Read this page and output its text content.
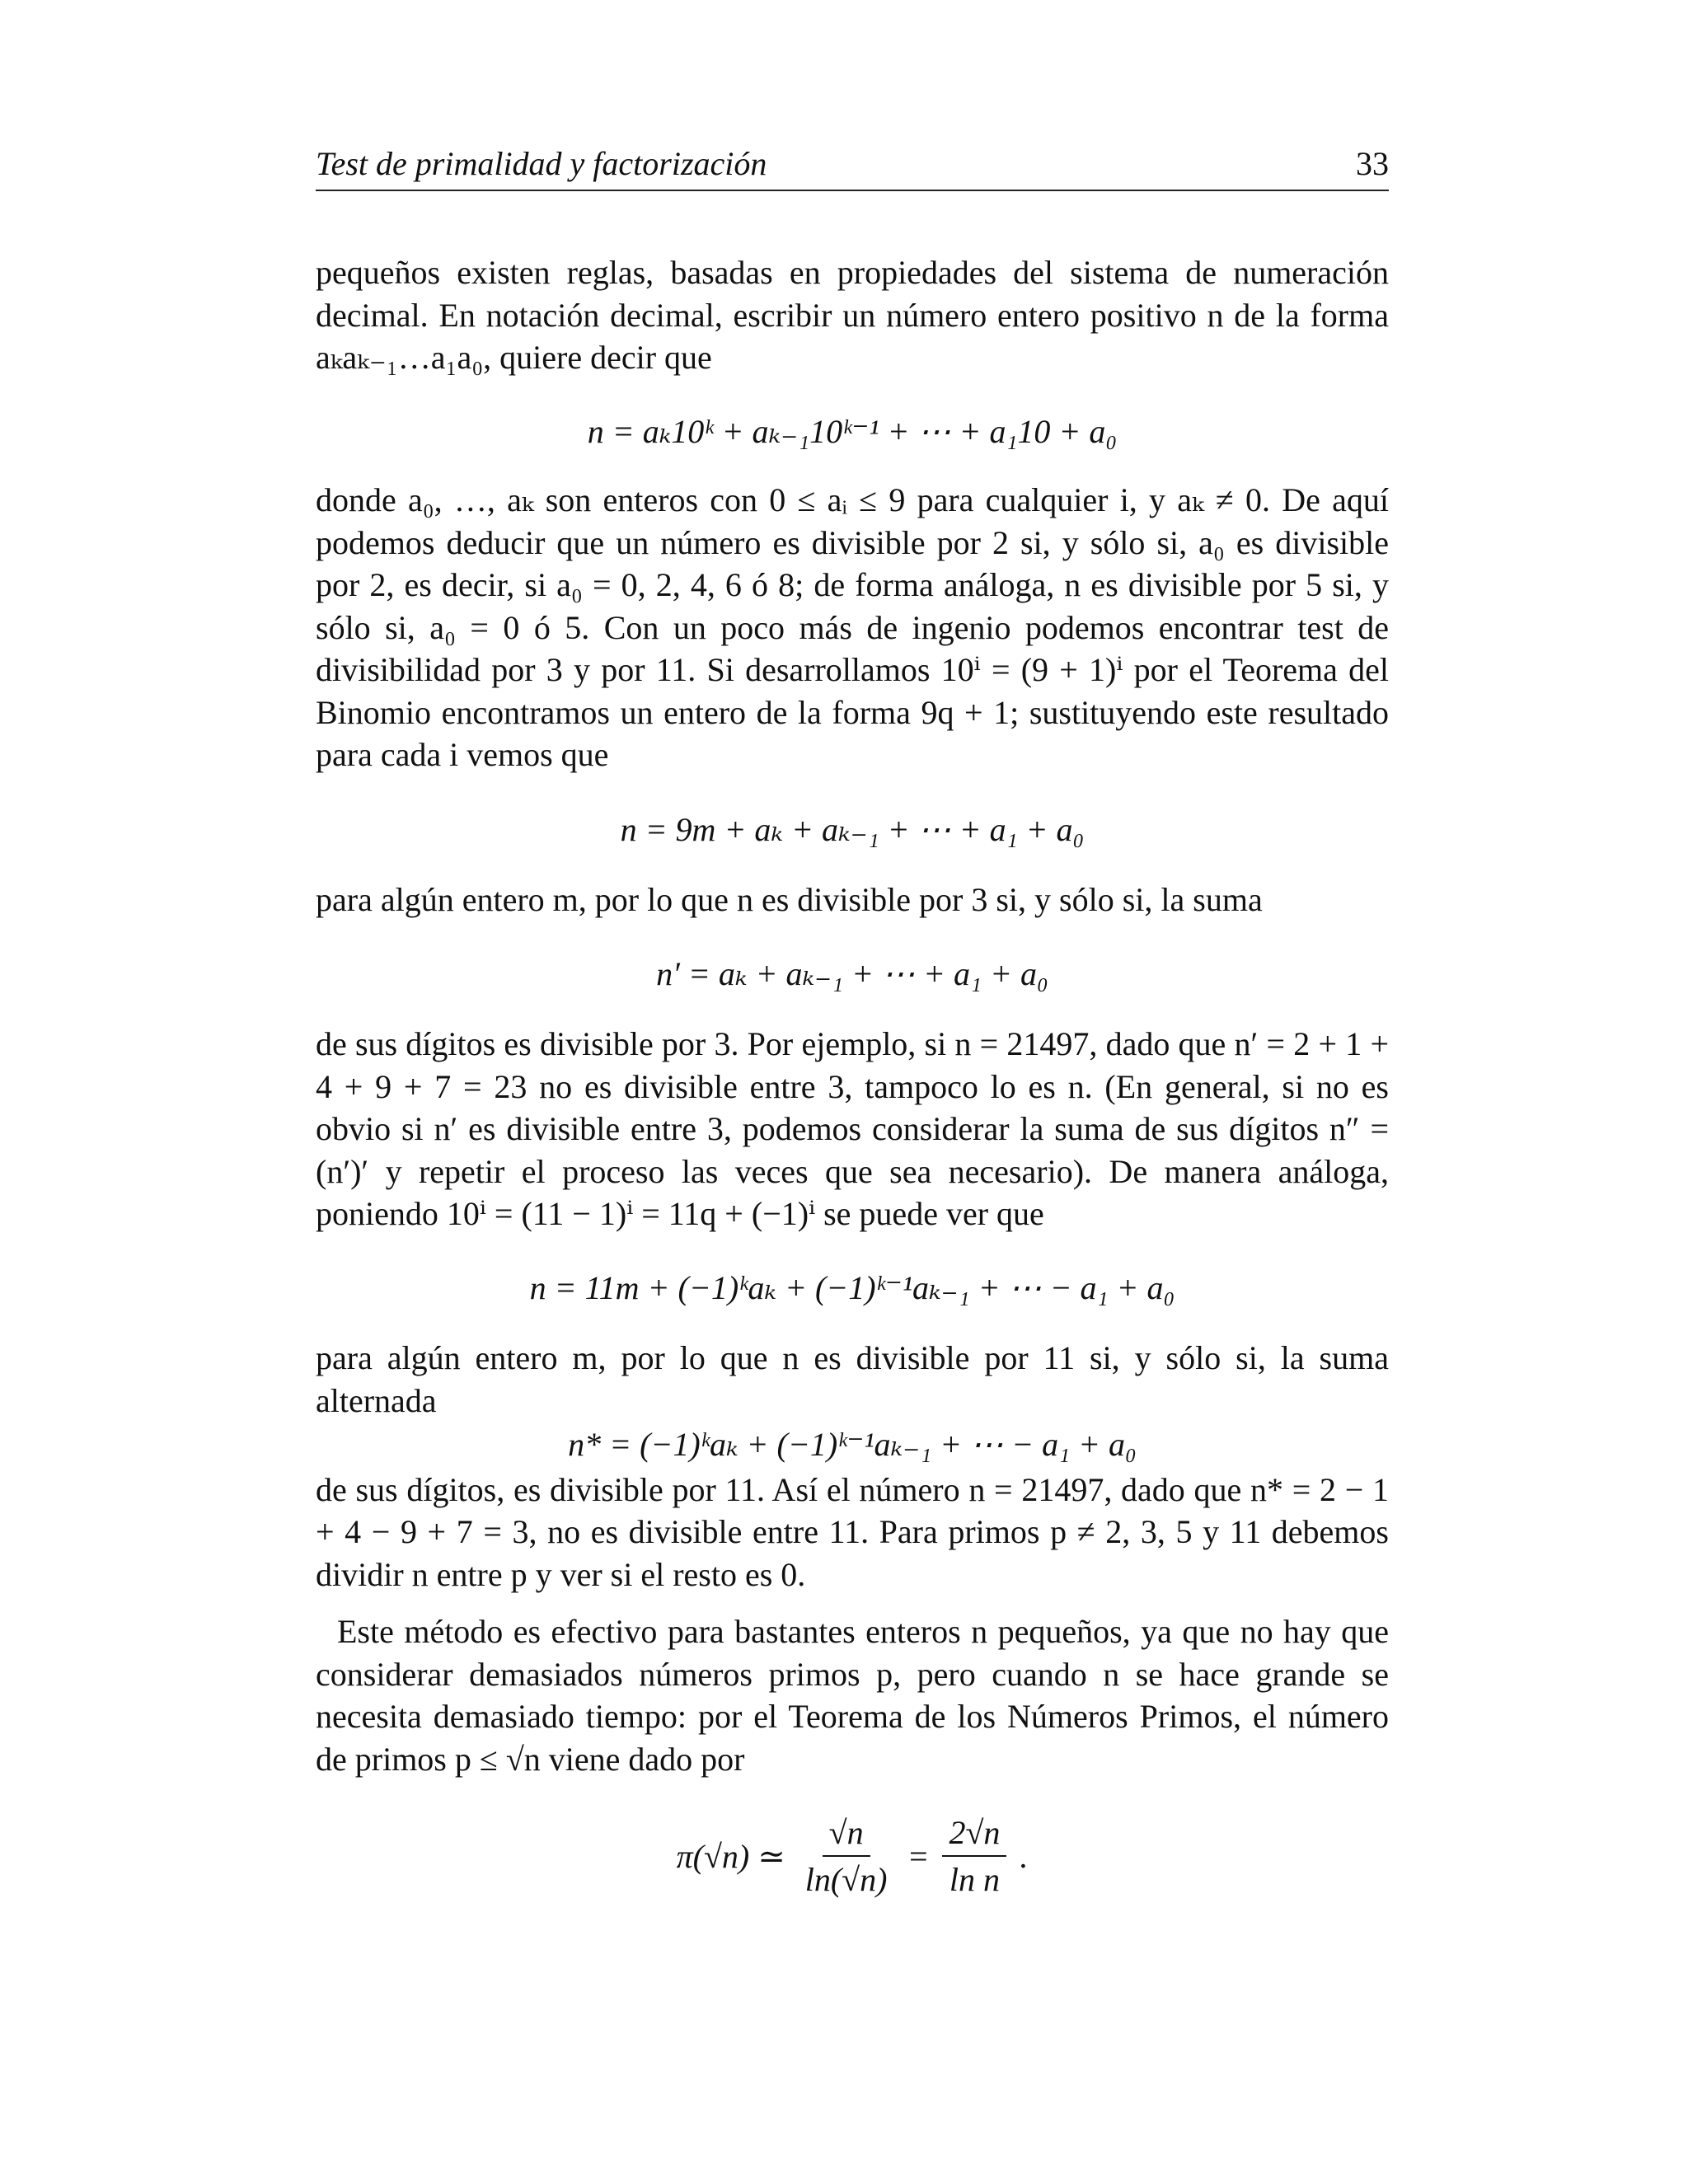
Test de primalidad y factorización	33

pequeños existen reglas, basadas en propiedades del sistema de numeración decimal. En notación decimal, escribir un número entero positivo n de la forma aₖaₖ₋₁…a₁a₀, quiere decir que

n = aₖ10ᵏ + aₖ₋₁10ᵏ⁻¹ + ⋯ + a₁10 + a₀

donde a₀, …, aₖ son enteros con 0 ≤ aᵢ ≤ 9 para cualquier i, y aₖ ≠ 0. De aquí podemos deducir que un número es divisible por 2 si, y sólo si, a₀ es divisible por 2, es decir, si a₀ = 0, 2, 4, 6 ó 8; de forma análoga, n es divisible por 5 si, y sólo si, a₀ = 0 ó 5. Con un poco más de ingenio podemos encontrar test de divisibilidad por 3 y por 11. Si desarrollamos 10ⁱ = (9 + 1)ⁱ por el Teorema del Binomio encontramos un entero de la forma 9q + 1; sustituyendo este resultado para cada i vemos que

n = 9m + aₖ + aₖ₋₁ + ⋯ + a₁ + a₀

para algún entero m, por lo que n es divisible por 3 si, y sólo si, la suma

n′ = aₖ + aₖ₋₁ + ⋯ + a₁ + a₀

de sus dígitos es divisible por 3. Por ejemplo, si n = 21497, dado que n′ = 2 + 1 + 4 + 9 + 7 = 23 no es divisible entre 3, tampoco lo es n. (En general, si no es obvio si n′ es divisible entre 3, podemos considerar la suma de sus dígitos n″ = (n′)′ y repetir el proceso las veces que sea necesario). De manera análoga, poniendo 10ⁱ = (11 − 1)ⁱ = 11q + (−1)ⁱ se puede ver que

n = 11m + (−1)ᵏaₖ + (−1)ᵏ⁻¹aₖ₋₁ + ⋯ − a₁ + a₀

para algún entero m, por lo que n es divisible por 11 si, y sólo si, la suma alternada

n* = (−1)ᵏaₖ + (−1)ᵏ⁻¹aₖ₋₁ + ⋯ − a₁ + a₀

de sus dígitos, es divisible por 11. Así el número n = 21497, dado que n* = 2 − 1 + 4 − 9 + 7 = 3, no es divisible entre 11. Para primos p ≠ 2, 3, 5 y 11 debemos dividir n entre p y ver si el resto es 0.

Este método es efectivo para bastantes enteros n pequeños, ya que no hay que considerar demasiados números primos p, pero cuando n se hace grande se necesita demasiado tiempo: por el Teorema de los Números Primos, el número de primos p ≤ √n viene dado por

π(√n) ≃ $\frac{√n}{\ln(√n)} = \frac{2√n}{\text{ln n}}$ .
